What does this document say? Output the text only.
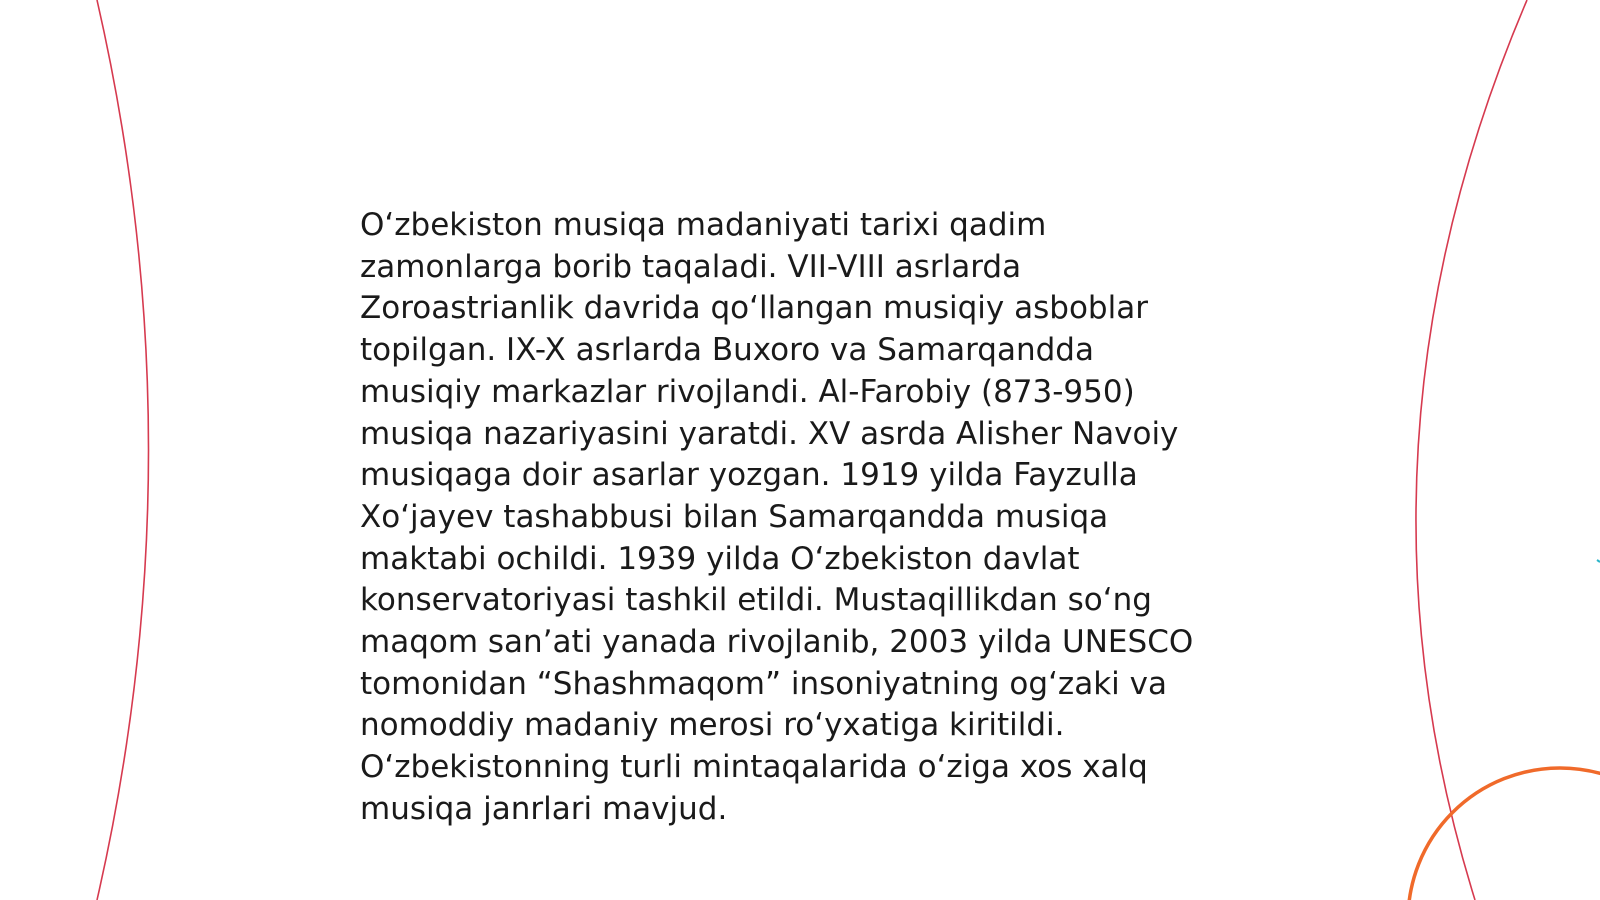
O‘zbekiston musiqa madaniyati tarixi qadim
zamonlarga borib taqaladi. VII-VIII asrlarda
Zoroastrianlik davrida qo‘llangan musiqiy asboblar
topilgan. IX-X asrlarda Buxoro va Samarqandda
musiqiy markazlar rivojlandi. Al-Farobiy (873-950)
musiqa nazariyasini yaratdi. XV asrda Alisher Navoiy
musiqaga doir asarlar yozgan. 1919 yilda Fayzulla
Xo‘jayev tashabbusi bilan Samarqandda musiqa
maktabi ochildi. 1939 yilda O‘zbekiston davlat
konservatoriyasi tashkil etildi. Mustaqillikdan so‘ng
maqom san’ati yanada rivojlanib, 2003 yilda UNESCO
tomonidan “Shashmaqom” insoniyatning og‘zaki va
nomoddiy madaniy merosi ro‘yxatiga kiritildi.
O‘zbekistonning turli mintaqalarida o‘ziga xos xalq
musiqa janrlari mavjud.
